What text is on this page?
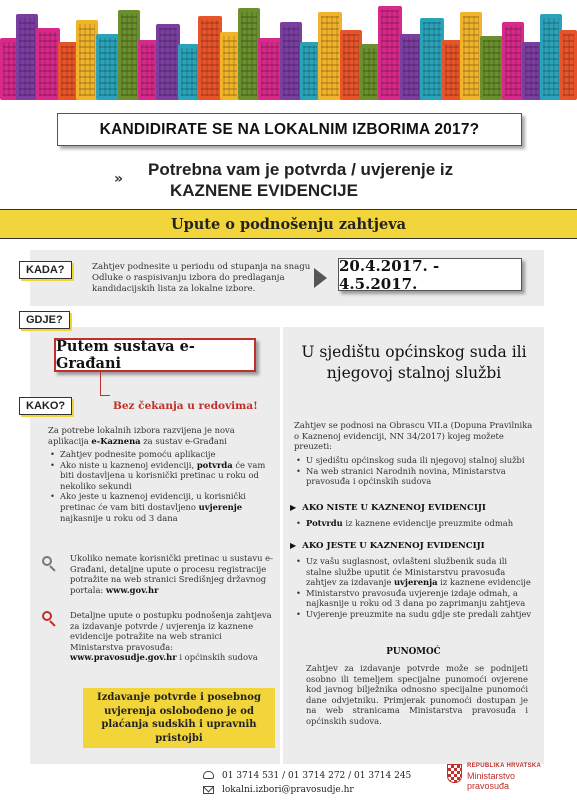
KANDIDIRATE SE NA LOKALNIM IZBORIMA 2017?
» Potrebna vam je potvrda / uvjerenje iz
KAZNENE EVIDENCIJE
Upute o podnošenju zahtjeva
KADA?	Zahtjev podnesite u periodu od stupanja na snagu Odluke o raspisivanju izbora do predlaganja kandidacijskih lista za lokalne izbore.
20.4.2017. - 4.5.2017.
GDJE?
KAKO?
Putem sustava e-Građani
Bez čekanja u redovima!
Za potrebe lokalnih izbora razvijena je nova aplikacija e-Kaznena za sustav e-Građani
• Zahtjev podnesite pomoću aplikacije
• Ako niste u kaznenoj evidenciji, potvrda će vam biti dostavljena u korisnički pretinac u roku od nekoliko sekundi
• Ako jeste u kaznenoj evidenciji, u korisnički pretinac će vam biti dostavljeno uvjerenje najkasnije u roku od 3 dana
Ukoliko nemate korisnički pretinac u sustavu e-Građani, detaljne upute o procesu registracije potražite na web stranici Središnjeg državnog portala: www.gov.hr
Detaljne upute o postupku podnošenja zahtjeva za izdavanje potvrde / uvjerenja iz kaznene evidencije potražite na web stranici Ministarstva pravosuđa: www.pravosudje.gov.hr i općinskih sudova
Izdavanje potvrde i posebnog uvjerenja oslobođeno je od plaćanja sudskih i upravnih pristojbi
U sjedištu općinskog suda ili njegovoj stalnoj službi
Zahtjev se podnosi na Obrascu VII.a (Dopuna Pravilnika o Kaznenoj evidenciji, NN 34/2017) kojeg možete preuzeti:
• U sjedištu općinskog suda ili njegovoj stalnoj službi
• Na web stranici Narodnih novina, Ministarstva pravosuđa i općinskih sudova
▶ AKO NISTE U KAZNENOJ EVIDENCIJI
• Potvrdu iz kaznene evidencije preuzmite odmah
▶ AKO JESTE U KAZNENOJ EVIDENCIJI
• Uz vašu suglasnost, ovlašteni službenik suda ili stalne službe uputit će Ministarstvu pravosuđa zahtjev za izdavanje uvjerenja iz kaznene evidencije
• Ministarstvo pravosuđa uvjerenje izdaje odmah, a najkasnije u roku od 3 dana po zaprimanju zahtjeva
• Uvjerenje preuzmite na sudu gdje ste predali zahtjev
PUNOMOĆ
Zahtjev za izdavanje potvrde može se podnijeti osobno ili temeljem specijalne punomoći ovjerene kod javnog bilježnika odnosno specijalne punomoći dane odvjetniku. Primjerak punomoći dostupan je na web stranicama Ministarstva pravosuđa i općinskih sudova.
01 3714 531 / 01 3714 272 / 01 3714 245
lokalni.izbori@pravosudje.hr
REPUBLIKA HRVATSKA
Ministarstvo
pravosuđa
